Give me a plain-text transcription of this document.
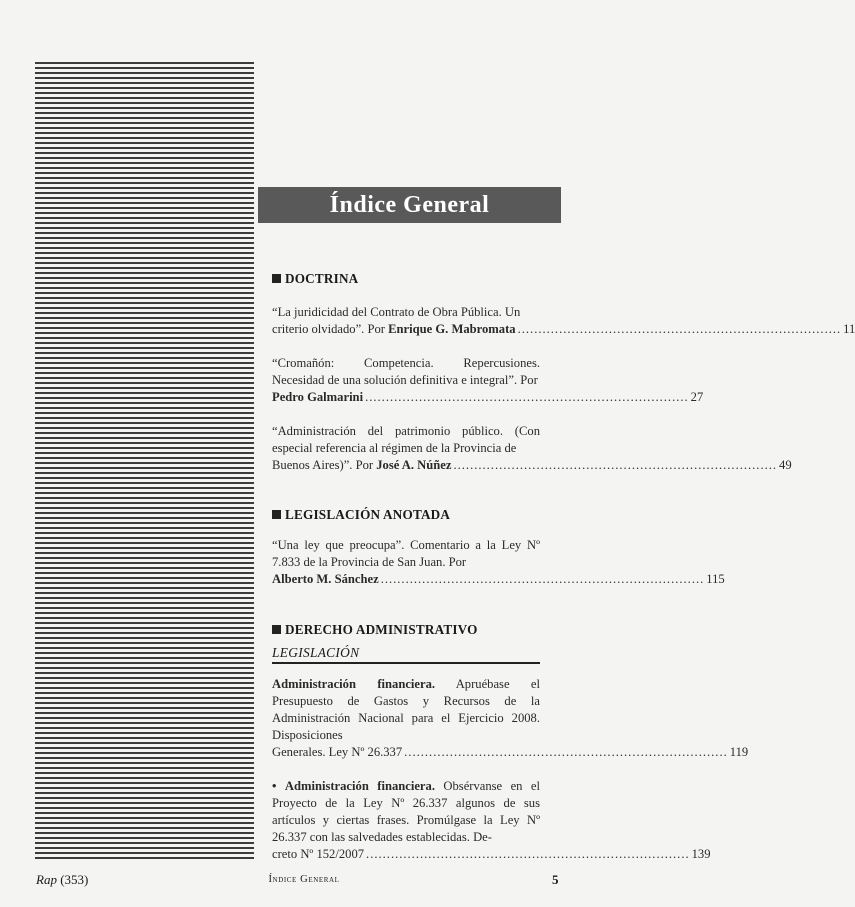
Índice General
DOCTRINA
“La juridicidad del Contrato de Obra Pública. Un
criterio olvidado”. Por Enrique G. Mabromata .............................................................................. 11
“Cromañón: Competencia. Repercusiones. Necesidad de una solución definitiva e integral”. Por
Pedro Galmarini .............................................................................. 27
“Administración del patrimonio público. (Con especial referencia al régimen de la Provincia de
Buenos Aires)”. Por José A. Núñez .............................................................................. 49
LEGISLACIÓN ANOTADA
“Una ley que preocupa”. Comentario a la Ley Nº 7.833 de la Provincia de San Juan. Por
Alberto M. Sánchez .............................................................................. 115
DERECHO ADMINISTRATIVO
LEGISLACIÓN
Administración financiera. Apruébase el Presupuesto de Gastos y Recursos de la Administración Nacional para el Ejercicio 2008. Disposiciones
Generales. Ley Nº 26.337 .............................................................................. 119
• Administración financiera. Obsérvanse en el Proyecto de la Ley Nº 26.337 algunos de sus artículos y ciertas frases. Promúlgase la Ley Nº 26.337 con las salvedades establecidas. De-
creto Nº 152/2007 .............................................................................. 139
Rap (353)	Índice General	5
